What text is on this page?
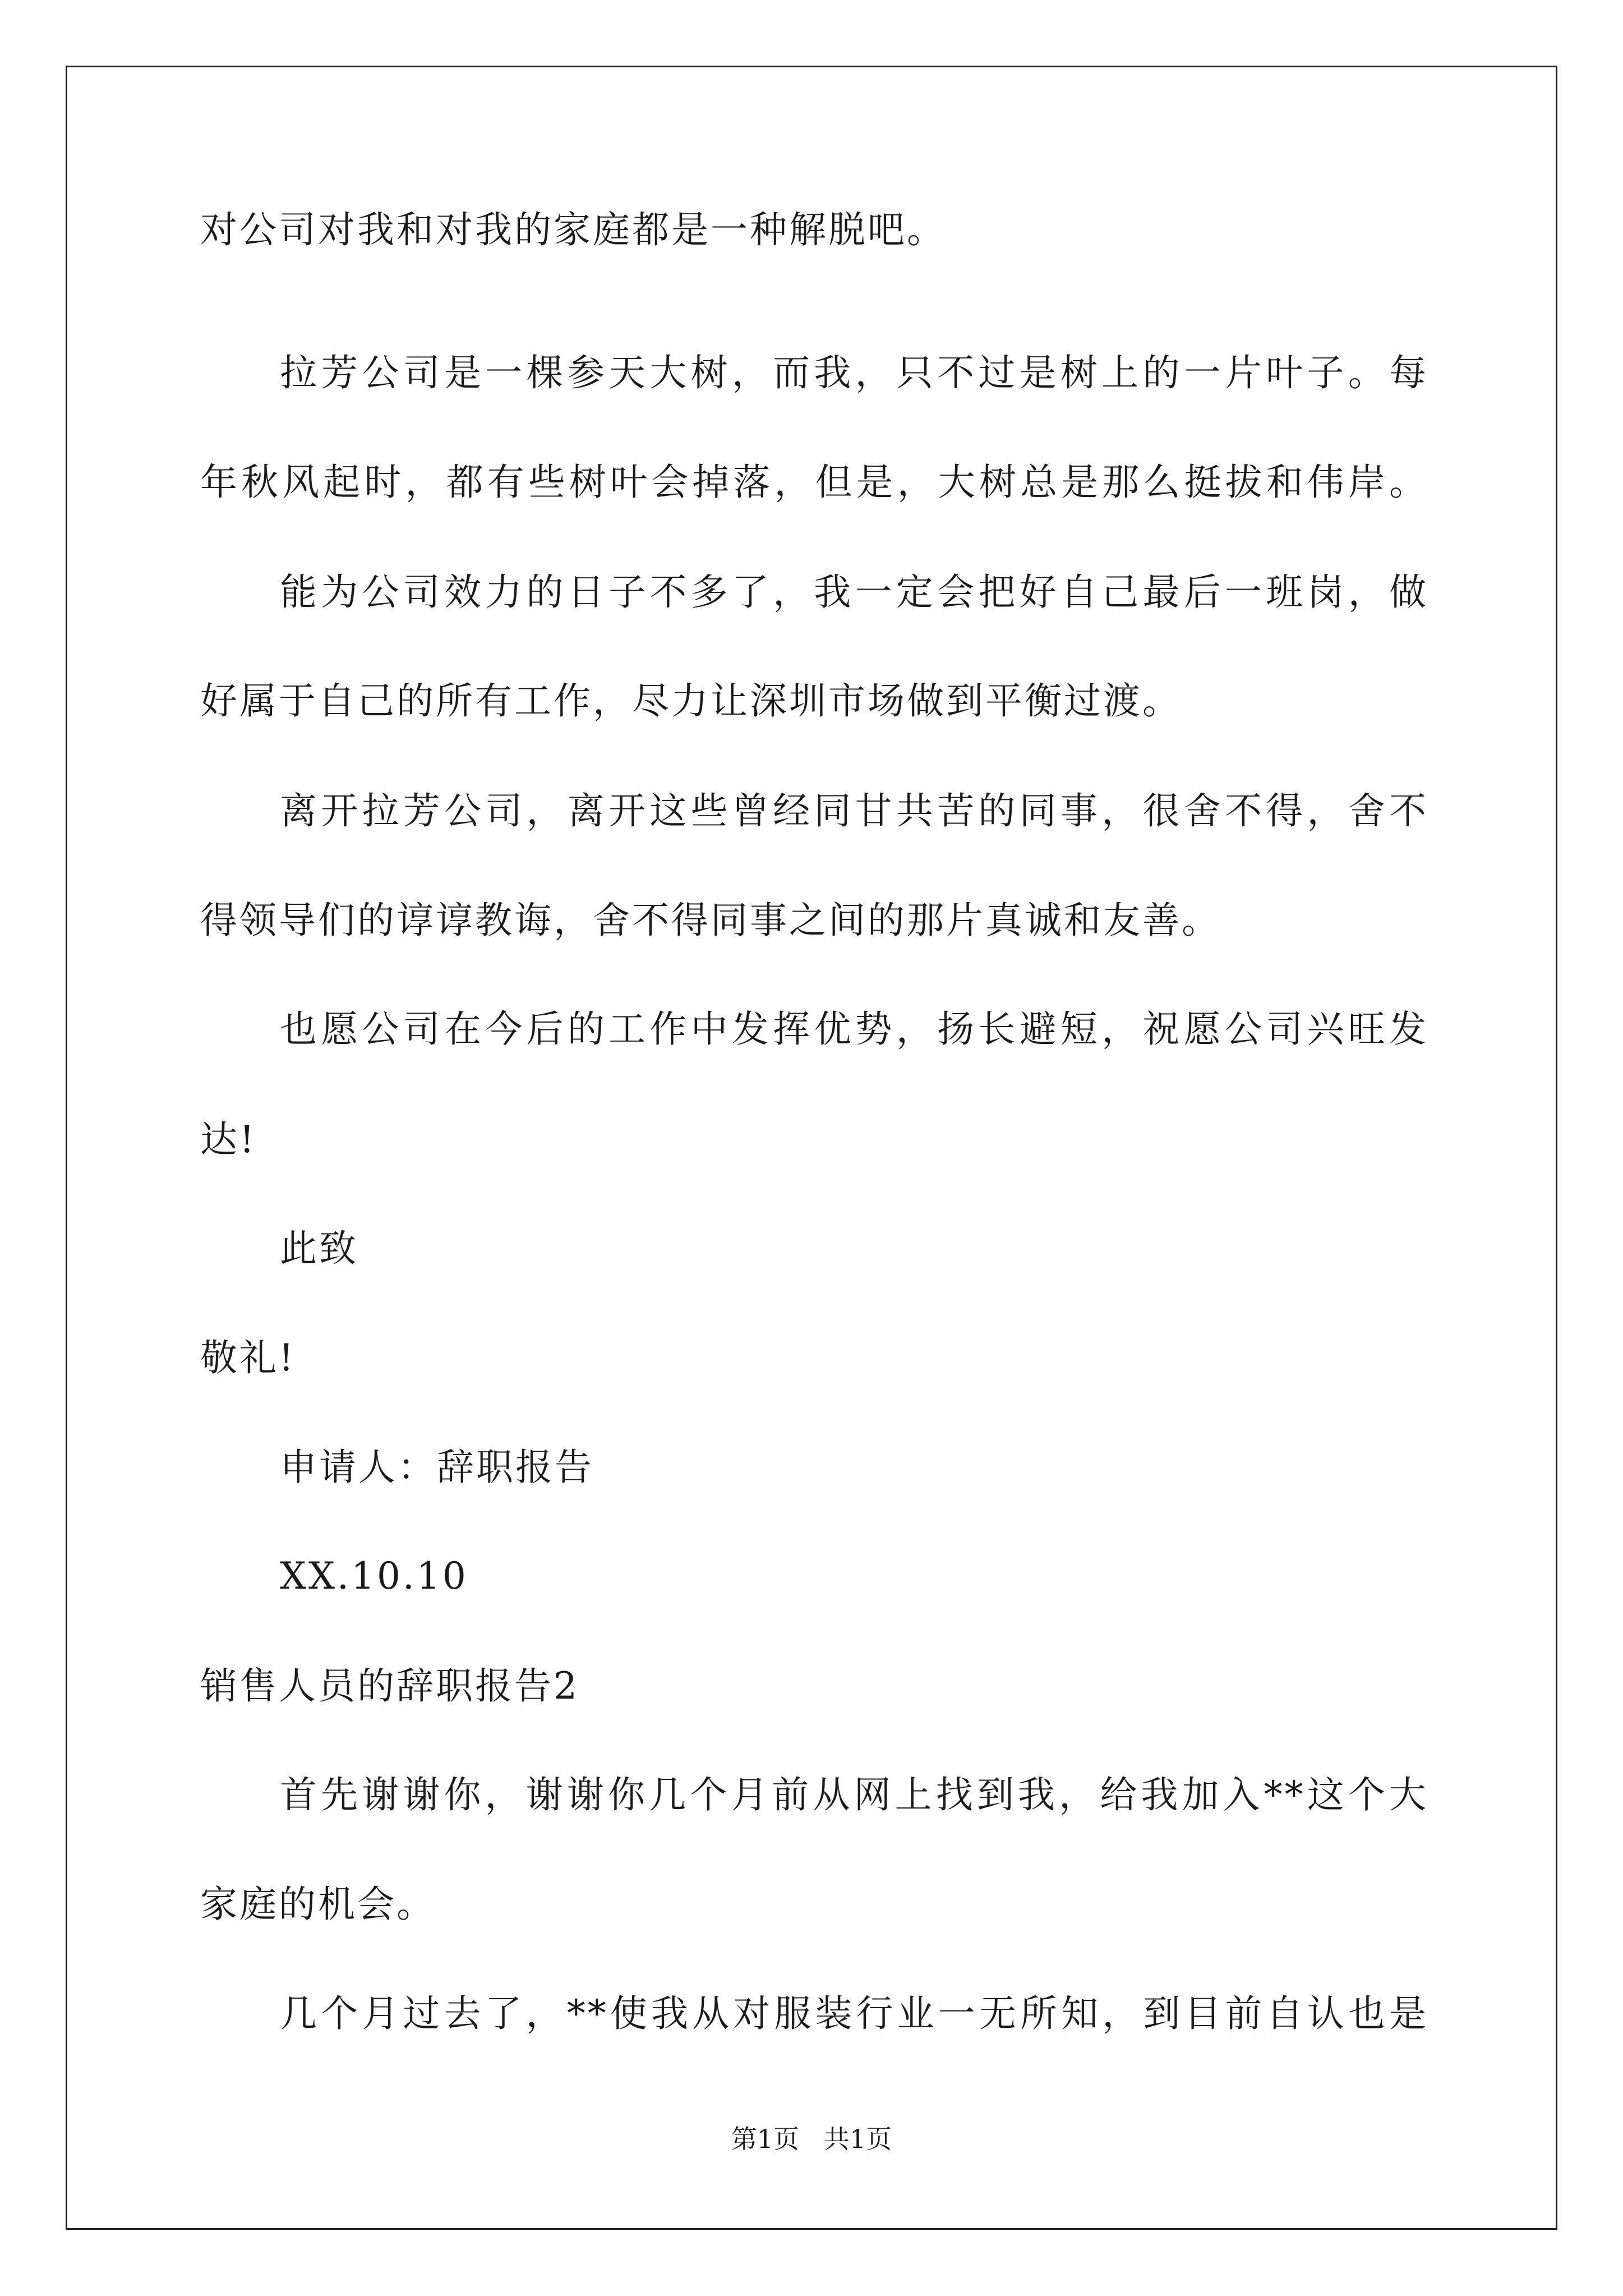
对公司对我和对我的家庭都是一种解脱吧。
拉芳公司是一棵参天大树，而我，只不过是树上的一片叶子。每
年秋风起时，都有些树叶会掉落，但是，大树总是那么挺拔和伟岸。
能为公司效力的日子不多了，我一定会把好自己最后一班岗，做
好属于自己的所有工作，尽力让深圳市场做到平衡过渡。
离开拉芳公司，离开这些曾经同甘共苦的同事，很舍不得，舍不
得领导们的谆谆教诲，舍不得同事之间的那片真诚和友善。
也愿公司在今后的工作中发挥优势，扬长避短，祝愿公司兴旺发
达!
此致
敬礼!
申请人：辞职报告
XX.10.10
销售人员的辞职报告2
首先谢谢你，谢谢你几个月前从网上找到我，给我加入**这个大
家庭的机会。
几个月过去了，**使我从对服装行业一无所知，到目前自认也是
第1页   共1页
